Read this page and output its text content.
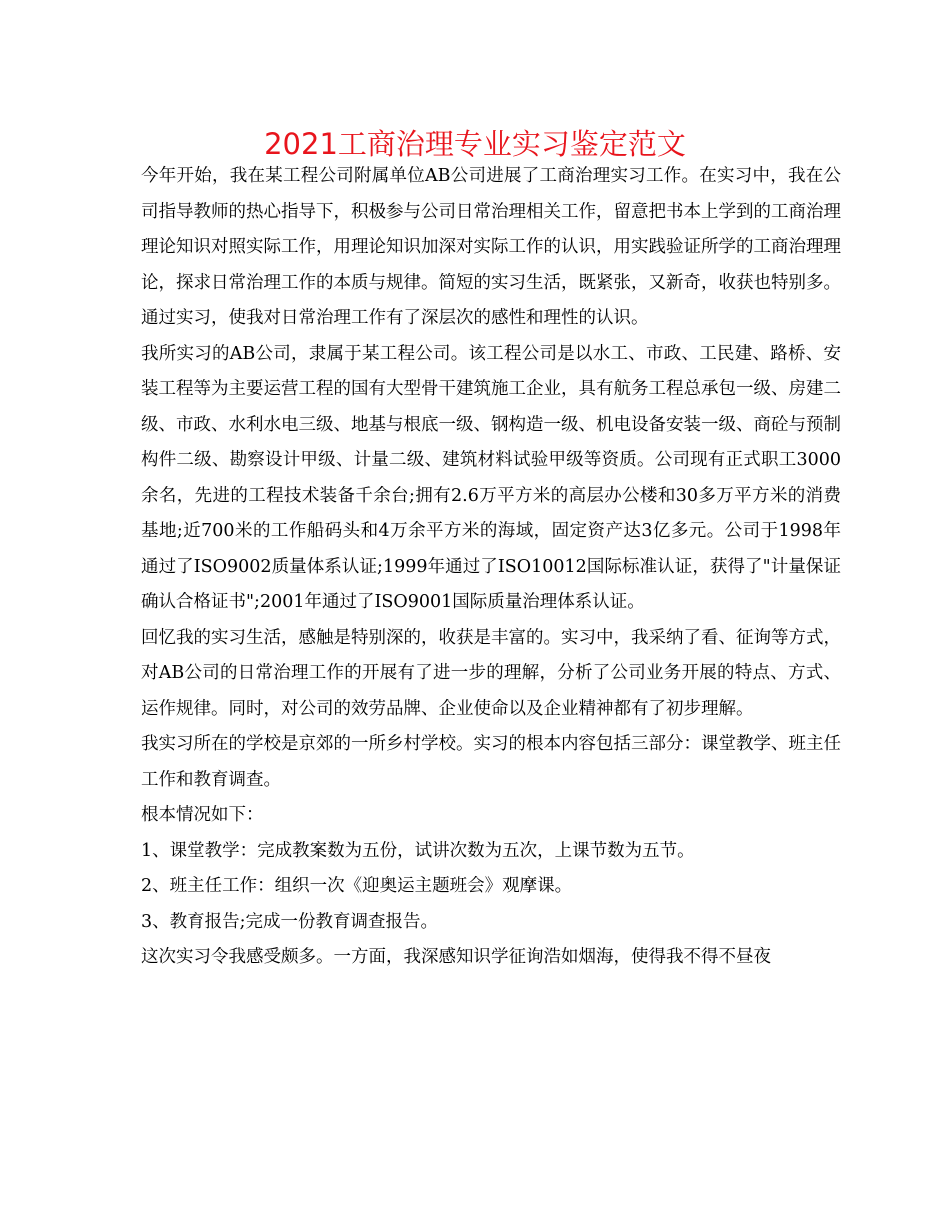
2021工商治理专业实习鉴定范文

今年开始，我在某工程公司附属单位AB公司进展了工商治理实习工作。在实习中，我在公司指导教师的热心指导下，积极参与公司日常治理相关工作，留意把书本上学到的工商治理理论知识对照实际工作，用理论知识加深对实际工作的认识，用实践验证所学的工商治理理论，探求日常治理工作的本质与规律。简短的实习生活，既紧张，又新奇，收获也特别多。通过实习，使我对日常治理工作有了深层次的感性和理性的认识。

我所实习的AB公司，隶属于某工程公司。该工程公司是以水工、市政、工民建、路桥、安装工程等为主要运营工程的国有大型骨干建筑施工企业，具有航务工程总承包一级、房建二级、市政、水利水电三级、地基与根底一级、钢构造一级、机电设备安装一级、商砼与预制构件二级、勘察设计甲级、计量二级、建筑材料试验甲级等资质。公司现有正式职工3000余名，先进的工程技术装备千余台;拥有2.6万平方米的高层办公楼和30多万平方米的消费基地;近700米的工作船码头和4万余平方米的海域，固定资产达3亿多元。公司于1998年通过了ISO9002质量体系认证;1999年通过了ISO10012国际标准认证，获得了"计量保证确认合格证书";2001年通过了ISO9001国际质量治理体系认证。

回忆我的实习生活，感触是特别深的，收获是丰富的。实习中，我采纳了看、征询等方式，对AB公司的日常治理工作的开展有了进一步的理解，分析了公司业务开展的特点、方式、运作规律。同时，对公司的效劳品牌、企业使命以及企业精神都有了初步理解。

我实习所在的学校是京郊的一所乡村学校。实习的根本内容包括三部分：课堂教学、班主任工作和教育调查。

根本情况如下：

1、课堂教学：完成教案数为五份，试讲次数为五次，上课节数为五节。

2、班主任工作：组织一次《迎奥运主题班会》观摩课。

3、教育报告;完成一份教育调查报告。

这次实习令我感受颇多。一方面，我深感知识学征询浩如烟海，使得我不得不昼夜
